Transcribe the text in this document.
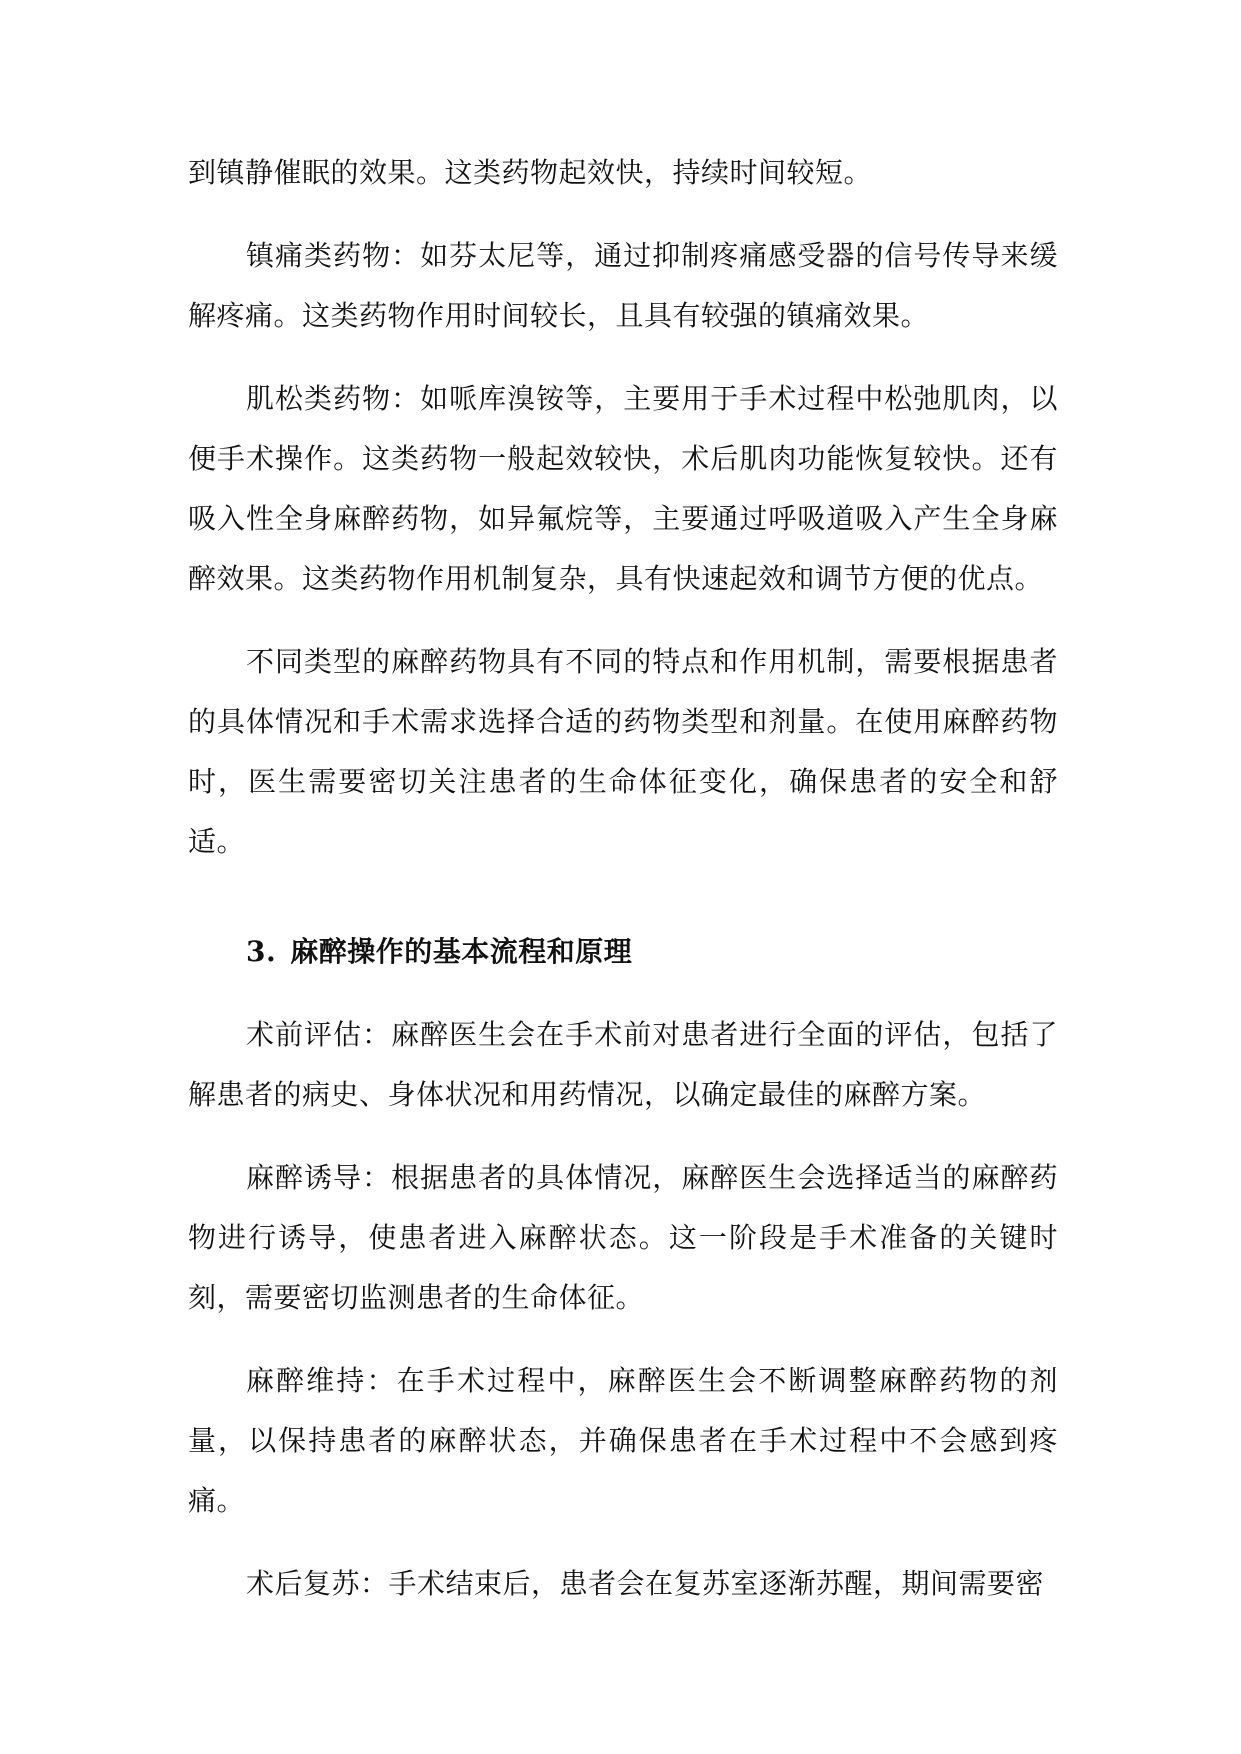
到镇静催眠的效果。这类药物起效快，持续时间较短。

镇痛类药物：如芬太尼等，通过抑制疼痛感受器的信号传导来缓解疼痛。这类药物作用时间较长，且具有较强的镇痛效果。

肌松类药物：如哌库溴铵等，主要用于手术过程中松弛肌肉，以便手术操作。这类药物一般起效较快，术后肌肉功能恢复较快。还有吸入性全身麻醉药物，如异氟烷等，主要通过呼吸道吸入产生全身麻醉效果。这类药物作用机制复杂，具有快速起效和调节方便的优点。

不同类型的麻醉药物具有不同的特点和作用机制，需要根据患者的具体情况和手术需求选择合适的药物类型和剂量。在使用麻醉药物时，医生需要密切关注患者的生命体征变化，确保患者的安全和舒适。

3. 麻醉操作的基本流程和原理

术前评估：麻醉医生会在手术前对患者进行全面的评估，包括了解患者的病史、身体状况和用药情况，以确定最佳的麻醉方案。

麻醉诱导：根据患者的具体情况，麻醉医生会选择适当的麻醉药物进行诱导，使患者进入麻醉状态。这一阶段是手术准备的关键时刻，需要密切监测患者的生命体征。

麻醉维持：在手术过程中，麻醉医生会不断调整麻醉药物的剂量，以保持患者的麻醉状态，并确保患者在手术过程中不会感到疼痛。

术后复苏：手术结束后，患者会在复苏室逐渐苏醒，期间需要密
